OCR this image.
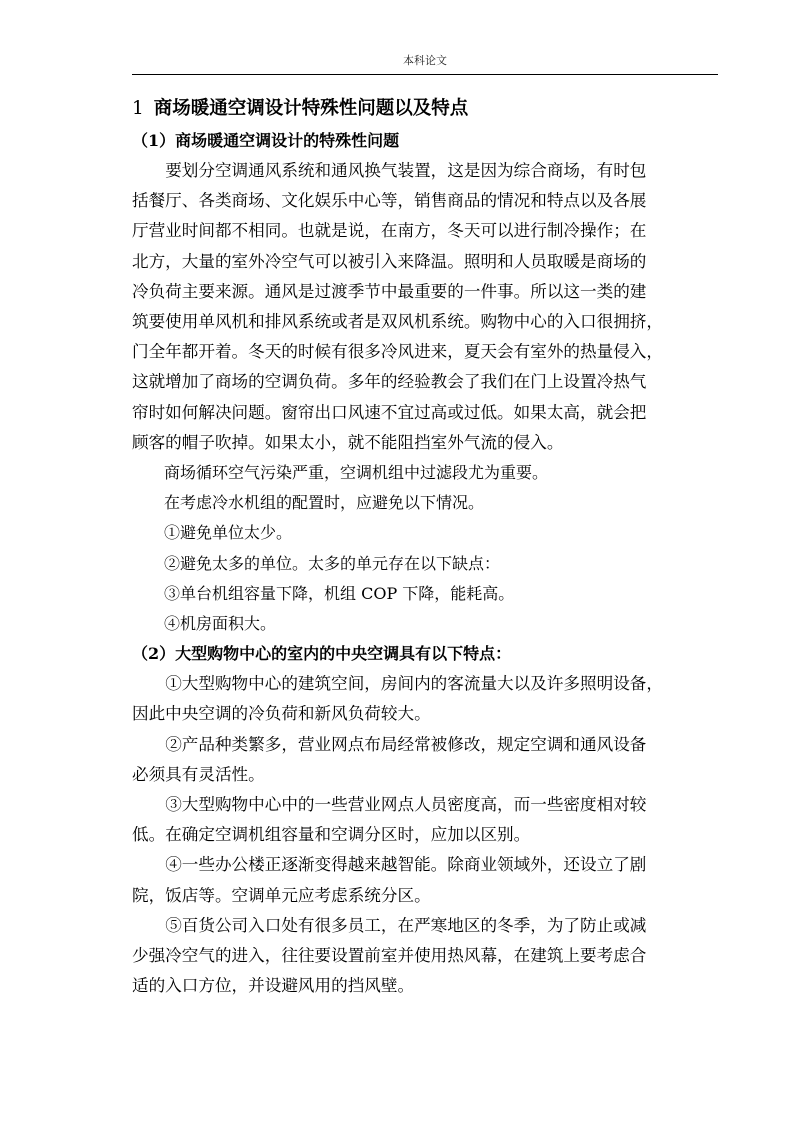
本科论文
1 商场暖通空调设计特殊性问题以及特点
（1）商场暖通空调设计的特殊性问题
要划分空调通风系统和通风换气装置，这是因为综合商场，有时包
括餐厅、各类商场、文化娱乐中心等，销售商品的情况和特点以及各展
厅营业时间都不相同。也就是说，在南方，冬天可以进行制冷操作；在
北方，大量的室外冷空气可以被引入来降温。照明和人员取暖是商场的
冷负荷主要来源。通风是过渡季节中最重要的一件事。所以这一类的建
筑要使用单风机和排风系统或者是双风机系统。购物中心的入口很拥挤，
门全年都开着。冬天的时候有很多冷风进来，夏天会有室外的热量侵入，
这就增加了商场的空调负荷。多年的经验教会了我们在门上设置冷热气
帘时如何解决问题。窗帘出口风速不宜过高或过低。如果太高，就会把
顾客的帽子吹掉。如果太小，就不能阻挡室外气流的侵入。

商场循环空气污染严重，空调机组中过滤段尤为重要。

在考虑冷水机组的配置时，应避免以下情况。

①避免单位太少。

②避免太多的单位。太多的单元存在以下缺点：

③单台机组容量下降，机组 COP 下降，能耗高。

④机房面积大。

（2）大型购物中心的室内的中央空调具有以下特点：
①大型购物中心的建筑空间，房间内的客流量大以及许多照明设备，
因此中央空调的冷负荷和新风负荷较大。
②产品种类繁多，营业网点布局经常被修改，规定空调和通风设备
必须具有灵活性。
③大型购物中心中的一些营业网点人员密度高，而一些密度相对较
低。在确定空调机组容量和空调分区时，应加以区别。
④一些办公楼正逐渐变得越来越智能。除商业领域外，还设立了剧
院，饭店等。空调单元应考虑系统分区。
⑤百货公司入口处有很多员工，在严寒地区的冬季，为了防止或减
少强冷空气的进入，往往要设置前室并使用热风幕，在建筑上要考虑合
适的入口方位，并设避风用的挡风壁。
